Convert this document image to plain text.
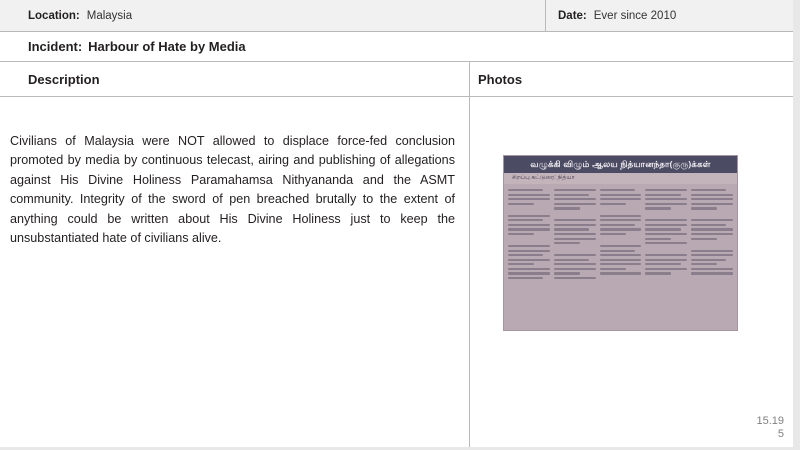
Location: Malaysia	Date: Ever since 2010
Incident: Harbour of Hate by Media
Description	Photos

Civilians of Malaysia were NOT allowed to displace force-fed conclusion promoted by media by continuous telecast, airing and publishing of allegations against His Divine Holiness Paramahamsa Nithyananda and the ASMT community. Integrity of the sword of pen breached brutally to the extent of anything could be written about His Divine Holiness just to keep the unsubstantiated hate of civilians alive.

வழுக்கி விழும் ஆலய நித்யானந்தா(குரு)க்கள்
சிறப்பு கட்டுரை: நித்யா
15.19
5
